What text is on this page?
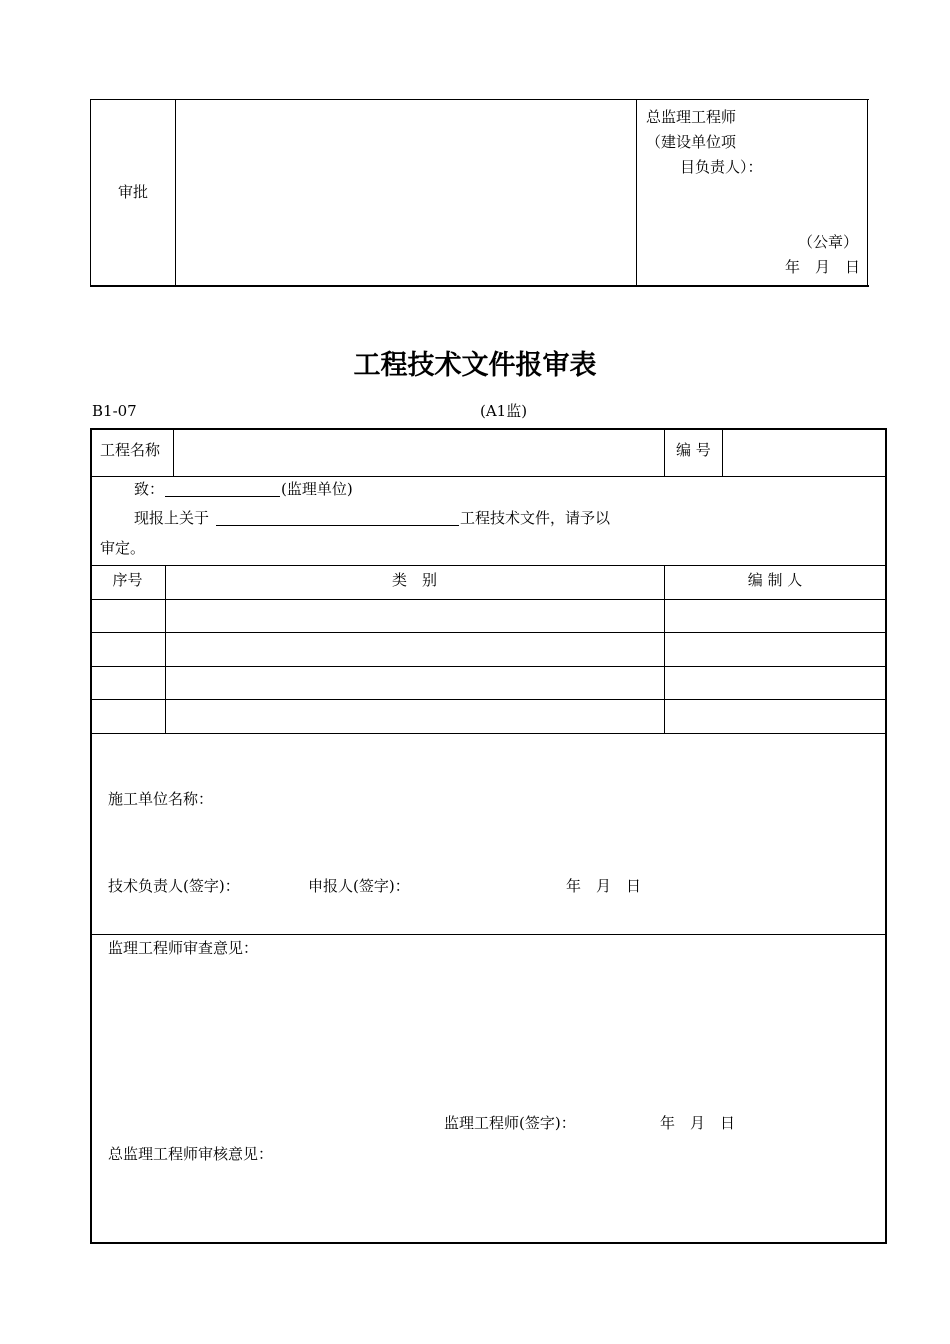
审批
总监理工程师
（建设单位项
目负责人）：
（公章）
年　月　日
工程技术文件报审表
B1-07	(A1监)
工程名称	编 号
致：	(监理单位)
现报上关于	工程技术文件，请予以
审定。
序号	类　别	编 制 人
施工单位名称：
技术负责人(签字)：	申报人(签字)：	年　月　日
监理工程师审查意见：
监理工程师(签字)：	年　月　日
总监理工程师审核意见：
